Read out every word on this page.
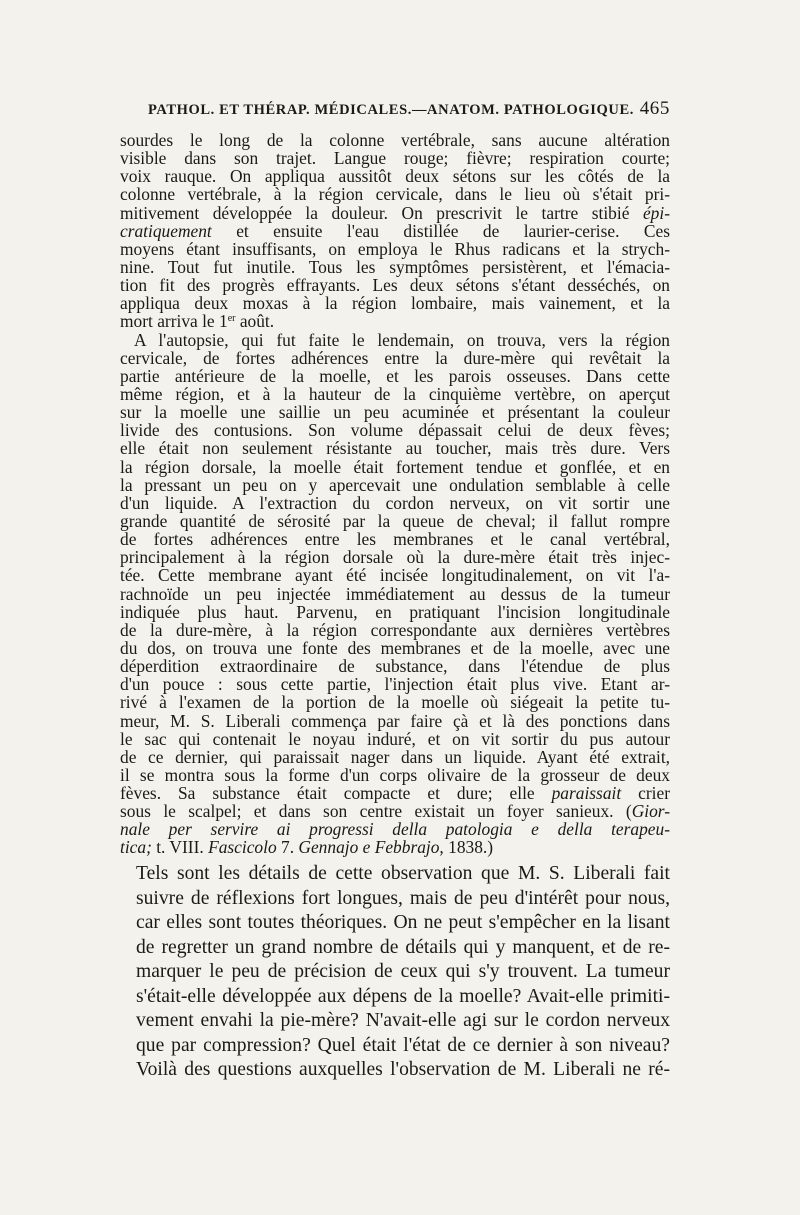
PATHOL. ET THÉRAP. MÉDICALES.—ANATOM. PATHOLOGIQUE. 465
sourdes le long de la colonne vertébrale, sans aucune altération
visible dans son trajet. Langue rouge; fièvre; respiration courte;
voix rauque. On appliqua aussitôt deux sétons sur les côtés de la
colonne vertébrale, à la région cervicale, dans le lieu où s'était pri-
mitivement développée la douleur. On prescrivit le tartre stibié épi-
cratiquement et ensuite l'eau distillée de laurier-cerise. Ces
moyens étant insuffisants, on employa le Rhus radicans et la strych-
nine. Tout fut inutile. Tous les symptômes persistèrent, et l'émacia-
tion fit des progrès effrayants. Les deux sétons s'étant desséchés, on
appliqua deux moxas à la région lombaire, mais vainement, et la
mort arriva le 1er août.
A l'autopsie, qui fut faite le lendemain, on trouva, vers la région
cervicale, de fortes adhérences entre la dure-mère qui revêtait la
partie antérieure de la moelle, et les parois osseuses. Dans cette
même région, et à la hauteur de la cinquième vertèbre, on aperçut
sur la moelle une saillie un peu acuminée et présentant la couleur
livide des contusions. Son volume dépassait celui de deux fèves;
elle était non seulement résistante au toucher, mais très dure. Vers
la région dorsale, la moelle était fortement tendue et gonflée, et en
la pressant un peu on y apercevait une ondulation semblable à celle
d'un liquide. A l'extraction du cordon nerveux, on vit sortir une
grande quantité de sérosité par la queue de cheval; il fallut rompre
de fortes adhérences entre les membranes et le canal vertébral,
principalement à la région dorsale où la dure-mère était très injec-
tée. Cette membrane ayant été incisée longitudinalement, on vit l'a-
rachnoïde un peu injectée immédiatement au dessus de la tumeur
indiquée plus haut. Parvenu, en pratiquant l'incision longitudinale
de la dure-mère, à la région correspondante aux dernières vertèbres
du dos, on trouva une fonte des membranes et de la moelle, avec une
déperdition extraordinaire de substance, dans l'étendue de plus
d'un pouce : sous cette partie, l'injection était plus vive. Etant ar-
rivé à l'examen de la portion de la moelle où siégeait la petite tu-
meur, M. S. Liberali commença par faire çà et là des ponctions dans
le sac qui contenait le noyau induré, et on vit sortir du pus autour
de ce dernier, qui paraissait nager dans un liquide. Ayant été extrait,
il se montra sous la forme d'un corps olivaire de la grosseur de deux
fèves. Sa substance était compacte et dure; elle paraissait crier
sous le scalpel; et dans son centre existait un foyer sanieux. (Gior-
nale per servire ai progressi della patologia e della terapeu-
tica; t. VIII. Fascicolo 7. Gennajo e Febbrajo, 1838.)
Tels sont les détails de cette observation que M. S. Liberali fait
suivre de réflexions fort longues, mais de peu d'intérêt pour nous,
car elles sont toutes théoriques. On ne peut s'empêcher en la lisant
de regretter un grand nombre de détails qui y manquent, et de re-
marquer le peu de précision de ceux qui s'y trouvent. La tumeur
s'était-elle développée aux dépens de la moelle? Avait-elle primiti-
vement envahi la pie-mère? N'avait-elle agi sur le cordon nerveux
que par compression? Quel était l'état de ce dernier à son niveau?
Voilà des questions auxquelles l'observation de M. Liberali ne ré-
